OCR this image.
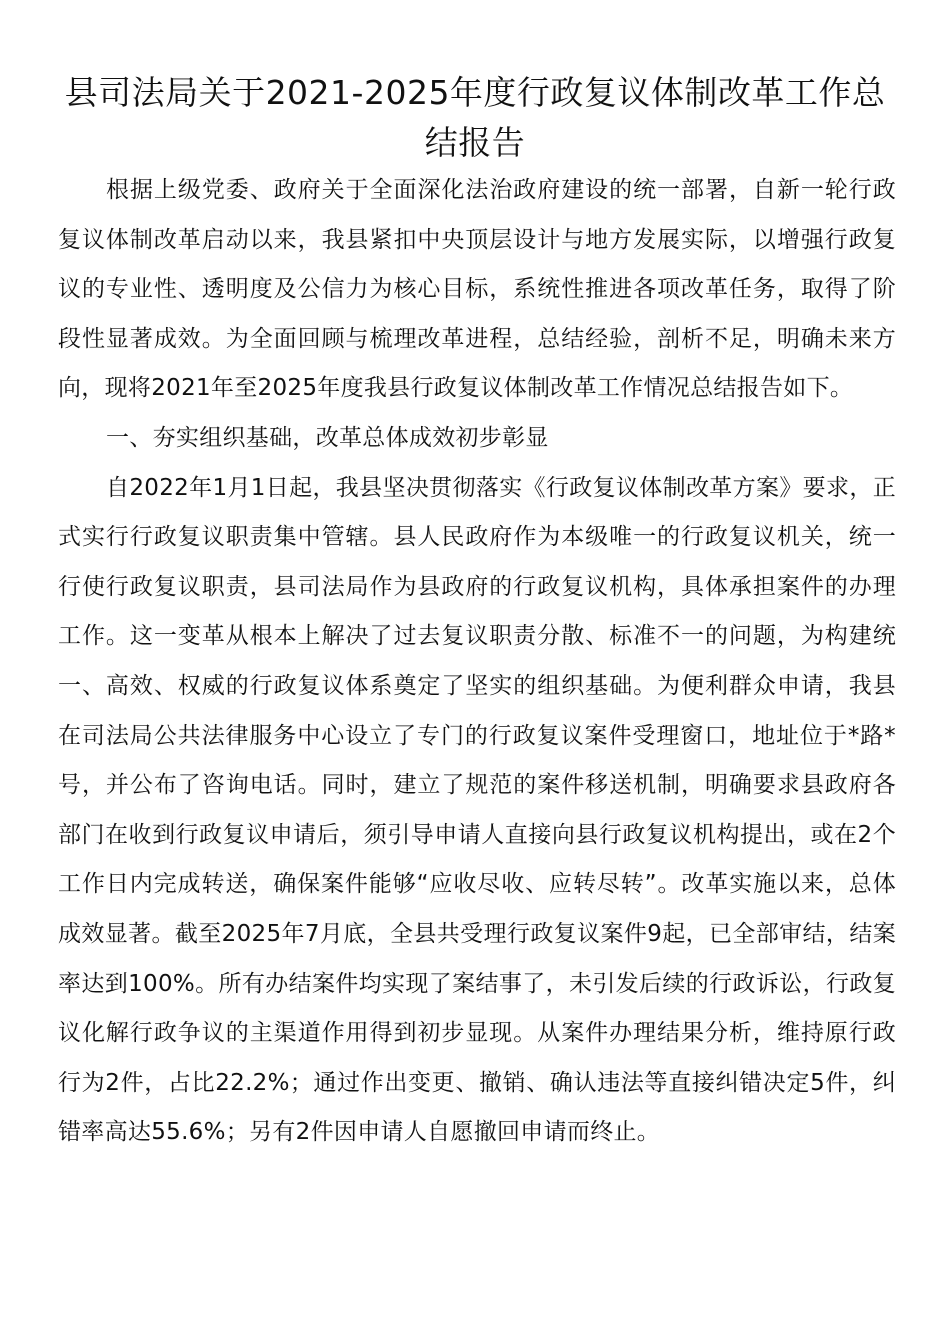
县司法局关于2021-2025年度行政复议体制改革工作总结报告

根据上级党委、政府关于全面深化法治政府建设的统一部署，自新一轮行政复议体制改革启动以来，我县紧扣中央顶层设计与地方发展实际，以增强行政复议的专业性、透明度及公信力为核心目标，系统性推进各项改革任务，取得了阶段性显著成效。为全面回顾与梳理改革进程，总结经验，剖析不足，明确未来方向，现将2021年至2025年度我县行政复议体制改革工作情况总结报告如下。

一、夯实组织基础，改革总体成效初步彰显

自2022年1月1日起，我县坚决贯彻落实《行政复议体制改革方案》要求，正式实行行政复议职责集中管辖。县人民政府作为本级唯一的行政复议机关，统一行使行政复议职责，县司法局作为县政府的行政复议机构，具体承担案件的办理工作。这一变革从根本上解决了过去复议职责分散、标准不一的问题，为构建统一、高效、权威的行政复议体系奠定了坚实的组织基础。为便利群众申请，我县在司法局公共法律服务中心设立了专门的行政复议案件受理窗口，地址位于*路*号，并公布了咨询电话。同时，建立了规范的案件移送机制，明确要求县政府各部门在收到行政复议申请后，须引导申请人直接向县行政复议机构提出，或在2个工作日内完成转送，确保案件能够“应收尽收、应转尽转”。改革实施以来，总体成效显著。截至2025年7月底，全县共受理行政复议案件9起，已全部审结，结案率达到100%。所有办结案件均实现了案结事了，未引发后续的行政诉讼，行政复议化解行政争议的主渠道作用得到初步显现。从案件办理结果分析，维持原行政行为2件，占比22.2%；通过作出变更、撤销、确认违法等直接纠错决定5件，纠错率高达55.6%；另有2件因申请人自愿撤回申请而终止。
